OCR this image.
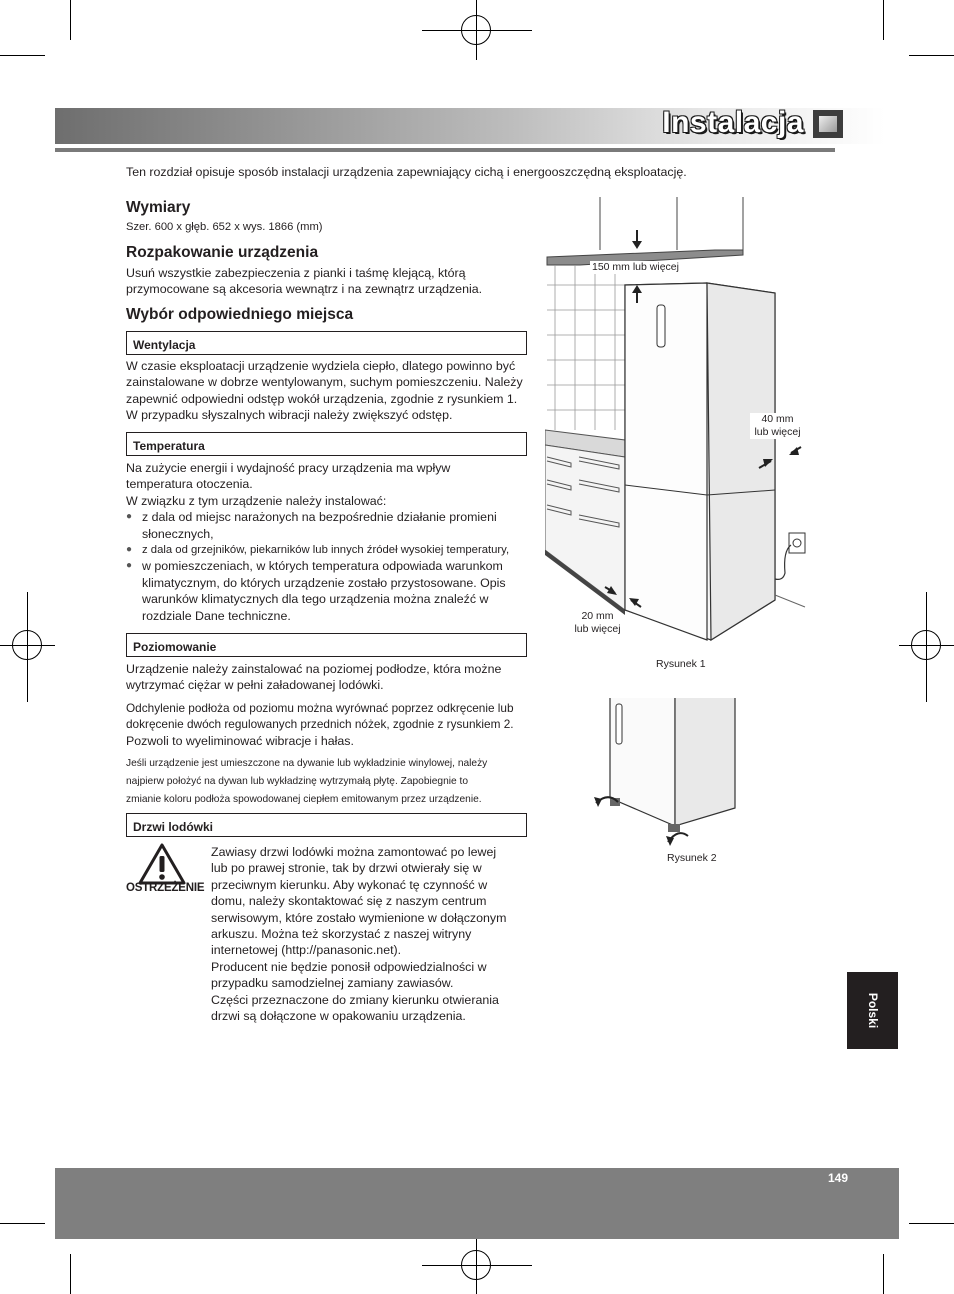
Instalacja

Ten rozdział opisuje sposób instalacji urządzenia zapewniający cichą i energooszczędną eksploatację.

Wymiary

Szer. 600 x głęb. 652 x wys. 1866 (mm)

Rozpakowanie urządzenia

Usuń wszystkie zabezpieczenia z pianki i taśmę klejącą, którą

przymocowane są akcesoria wewnątrz i na zewnątrz urządzenia.

Wybór odpowiedniego miejsca
Wentylacja

W czasie eksploatacji urządzenie wydziela ciepło, dlatego powinno być

zainstalowane w dobrze wentylowanym, suchym pomieszczeniu. Należy

zapewnić odpowiedni odstęp wokół urządzenia, zgodnie z rysunkiem 1.

W przypadku słyszalnych wibracji należy zwiększyć odstęp.

Temperatura

Na zużycie energii i wydajność pracy urządzenia ma wpływ

temperatura otoczenia.

W związku z tym urządzenie należy instalować:

● z dala od miejsc narażonych na bezpośrednie działanie promieni
słonecznych,
● z dala od grzejników, piekarników lub innych źródeł wysokiej temperatury,
● w pomieszczeniach, w których temperatura odpowiada warunkom
klimatycznym, do których urządzenie zostało przystosowane. Opis
warunków klimatycznych dla tego urządzenia można znaleźć w
rozdziale Dane techniczne.
Poziomowanie

Urządzenie należy zainstalować na poziomej podłodze, która możne

wytrzymać ciężar w pełni załadowanej lodówki.

Odchylenie podłoża od poziomu można wyrównać poprzez odkręcenie lub

dokręcenie dwóch regulowanych przednich nóżek, zgodnie z rysunkiem 2.

Pozwoli to wyeliminować wibracje i hałas.

Jeśli urządzenie jest umieszczone na dywanie lub wykładzinie winylowej, należy

najpierw położyć na dywan lub wykładzinę wytrzymałą płytę. Zapobiegnie to

zmianie koloru podłoża spowodowanej ciepłem emitowanym przez urządzenie.

Drzwi lodówki
OSTRZEŻENIE

Zawiasy drzwi lodówki można zamontować po lewej

lub po prawej stronie, tak by drzwi otwierały się w

przeciwnym kierunku. Aby wykonać tę czynność w

domu, należy skontaktować się z naszym centrum

serwisowym, które zostało wymienione w dołączonym

arkuszu. Można też skorzystać z naszej witryny

internetowej (http://panasonic.net).

Producent nie będzie ponosił odpowiedzialności w

przypadku samodzielnej zamiany zawiasów.

Części przeznaczone do zmiany kierunku otwierania

drzwi są dołączone w opakowaniu urządzenia.

150 mm lub więcej
40 mm
lub więcej
20 mm
lub więcej
Rysunek 1
Rysunek 2
Polski
149
